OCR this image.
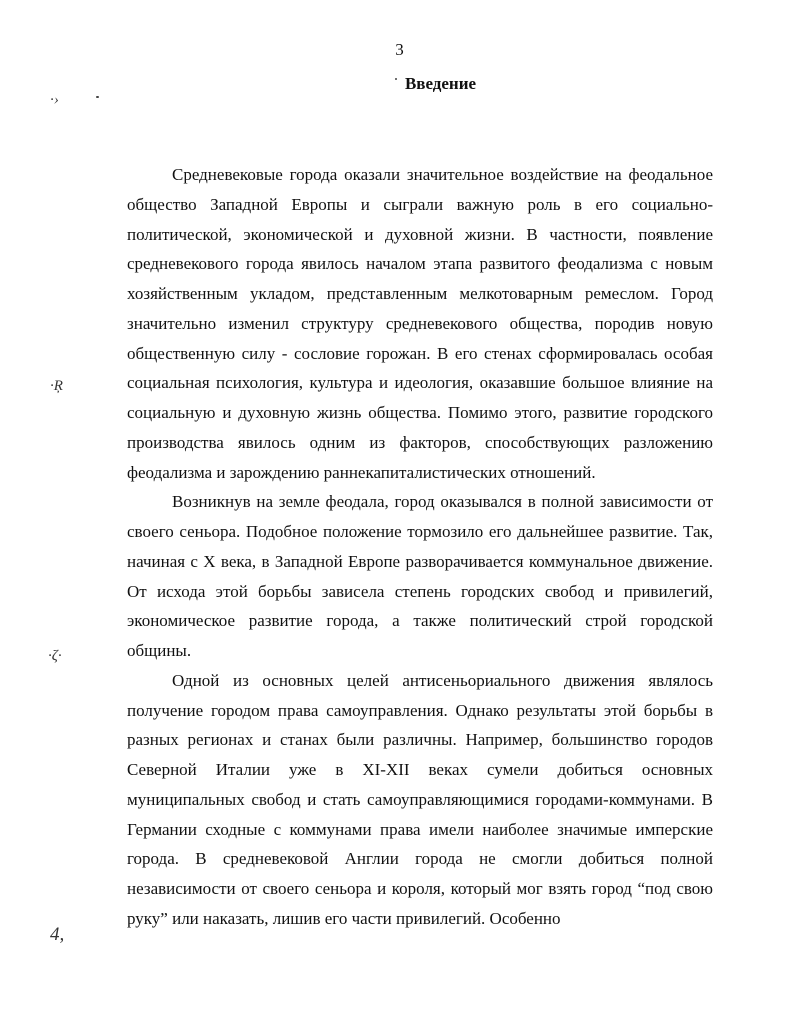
3
Введение

Средневековые города оказали значительное воздействие на феодальное общество Западной Европы и сыграли важную роль в его социально-политической, экономической и духовной жизни. В частности, появление средневекового города явилось началом этапа развитого феодализма с новым хозяйственным укладом, представленным мелкотоварным ремеслом. Город значительно изменил структуру средневекового общества, породив новую общественную силу - сословие горожан. В его стенах сформировалась особая социальная психология, культура и идеология, оказавшие большое влияние на социальную и духовную жизнь общества. Помимо этого, развитие городского производства явилось одним из факторов, способствующих разложению феодализма и зарождению раннекапиталистических отношений.

Возникнув на земле феодала, город оказывался в полной зависимости от своего сеньора. Подобное положение тормозило его дальнейшее развитие. Так, начиная с X века, в Западной Европе разворачивается коммунальное движение. От исхода этой борьбы зависела степень городских свобод и привилегий, экономическое развитие города, а также политический строй городской общины.

Одной из основных целей антисеньориального движения являлось получение городом права самоуправления. Однако результаты этой борьбы в разных регионах и станах были различны. Например, большинство городов Северной Италии уже в XI-XII веках сумели добиться основных муниципальных свобод и стать самоуправляющимися городами-коммунами. В Германии сходные с коммунами права имели наиболее значимые имперские города. В средневековой Англии города не смогли добиться полной независимости от своего сеньора и короля, который мог взять город “под свою руку” или наказать, лишив его части привилегий. Особенно

·›
·Ŗ
·ζ·
4,
